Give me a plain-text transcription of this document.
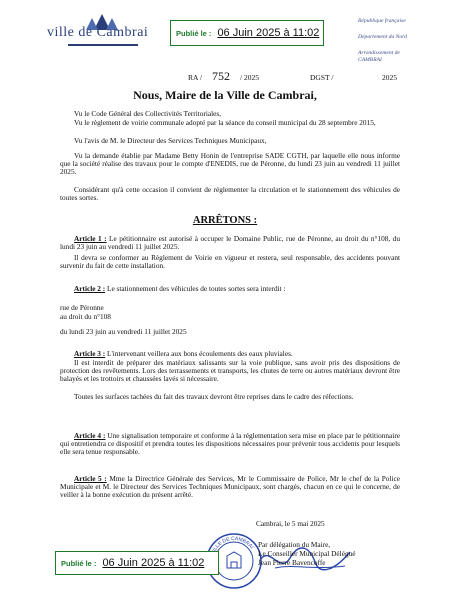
ville de Cambrai	Publié le : 06 Juin 2025 à 11:02
République française
Département du Nord
Arrondissement de
CAMBRAI
RA / 752 / 2025	DGST /	2025
Nous, Maire de la Ville de Cambrai,

Vu le Code Général des Collectivités Territoriales,

Vu le règlement de voirie communale adopté par la séance du conseil municipal du 28 septembre 2015,

Vu l'avis de M. le Directeur des Services Techniques Municipaux,

Vu la demande établie par Madame Betty Honin de l'entreprise SADE CGTH, par laquelle elle nous informe que la société réalise des travaux pour le compte d'ENEDIS, rue de Péronne, du lundi 23 juin au vendredi 11 juillet 2025.

Considérant qu'à cette occasion il convient de réglementer la circulation et le stationnement des véhicules de toutes sortes.

ARRÊTONS :

Article 1 : Le pétitionnaire est autorisé à occuper le Domaine Public, rue de Péronne, au droit du n°108, du lundi 23 juin au vendredi 11 juillet 2025.

Il devra se conformer au Règlement de Voirie en vigueur et restera, seul responsable, des accidents pouvant survenir du fait de cette installation.

Article 2 : Le stationnement des véhicules de toutes sortes sera interdit :

rue de Péronne

au droit du n°108

du lundi 23 juin au vendredi 11 juillet 2025

Article 3 : L'intervenant veillera aux bons écoulements des eaux pluviales.

Il est interdit de préparer des matériaux salissants sur la voie publique, sans avoir pris des dispositions de protection des revêtements. Lors des terrassements et transports, les chutes de terre ou autres matériaux devront être balayés et les trottoirs et chaussées lavés si nécessaire.

Toutes les surfaces tachées du fait des travaux devront être reprises dans le cadre des réfections.

Article 4 : Une signalisation temporaire et conforme à la réglementation sera mise en place par le pétitionnaire qui entretiendra ce dispositif et prendra toutes les dispositions nécessaires pour prévenir tous accidents pour lesquels elle sera tenue responsable.

Article 5 : Mme la Directrice Générale des Services, Mr le Commissaire de Police, Mr le chef de la Police Municipale et M. le Directeur des Services Techniques Municipaux, sont chargés, chacun en ce qui le concerne, de veiller à la bonne exécution du présent arrêté.

Cambrai, le 5 mai 2025
LLE DE CAMBRAI Par délégation du Maire,
Le Conseiller Municipal Délégué
Jean Pierre Bavencoffe
Publié le : 06 Juin 2025 à 11:02
